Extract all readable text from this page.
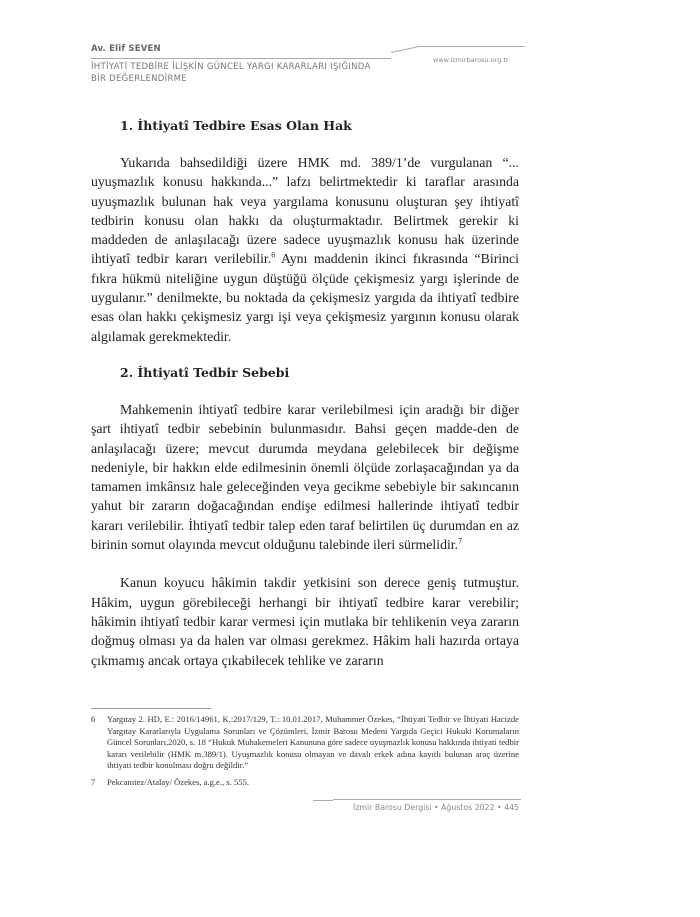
Av. Elif SEVEN
www.izmirbarosu.org.tr
İHTİYATİ TEDBİRE İLİŞKİN GÜNCEL YARGI KARARLARI IŞIĞINDA
BİR DEĞERLENDİRME
1. İhtiyatî Tedbire Esas Olan Hak

Yukarıda bahsedildiği üzere HMK md. 389/1’de vurgulanan “... uyuşmazlık konusu hakkında...” lafzı belirtmektedir ki taraflar arasında uyuşmazlık bulunan hak veya yargılama konusunu oluşturan şey ihtiyatî tedbirin konusu olan hakkı da oluşturmaktadır. Belirtmek gerekir ki maddeden de anlaşılacağı üzere sadece uyuşmazlık konusu hak üzerinde ihtiyatî tedbir kararı verilebilir.$^6$ Aynı maddenin ikinci fıkrasında “Birinci fıkra hükmü niteliğine uygun düştüğü ölçüde çekişmesiz yargı işlerinde de uygulanır.” denilmekte, bu noktada da çekişmesiz yargıda da ihtiyatî tedbire esas olan hakkı çekişmesiz yargı işi veya çekişmesiz yargının konusu olarak algılamak gerekmektedir.

2. İhtiyatî Tedbir Sebebi

Mahkemenin ihtiyatî tedbire karar verilebilmesi için aradığı bir diğer şart ihtiyatî tedbir sebebinin bulunmasıdır. Bahsi geçen madde-den de anlaşılacağı üzere; mevcut durumda meydana gelebilecek bir değişme nedeniyle, bir hakkın elde edilmesinin önemli ölçüde zorlaşacağından ya da tamamen imkânsız hale geleceğinden veya gecikme sebebiyle bir sakıncanın yahut bir zararın doğacağından endişe edilmesi hallerinde ihtiyatî tedbir kararı verilebilir. İhtiyatî tedbir talep eden taraf belirtilen üç durumdan en az birinin somut olayında mevcut olduğunu talebinde ileri sürmelidir.$^7$

Kanun koyucu hâkimin takdir yetkisini son derece geniş tutmuştur. Hâkim, uygun görebileceği herhangi bir ihtiyatî tedbire karar verebilir; hâkimin ihtiyatî tedbir karar vermesi için mutlaka bir tehlikenin veya zararın doğmuş olması ya da halen var olması gerekmez. Hâkim hali hazırda ortaya çıkmamış ancak ortaya çıkabilecek tehlike ve zararın

6	Yargıtay 2. HD, E.: 2016/14961, K.:2017/129, T.: 10.01.2017, Muhammet Özekes, “İhtiyati Tedbir ve İhtiyati Hacizde Yargıtay Kararlarıyla Uygulama Sorunları ve Çözümleri, İzmir Barosu Medeni Yargıda Geçici Hukuki Korumaların Güncel Sorunları,2020, s. 18 “Hukuk Muhakemeleri Kanununa göre sadece uyuşmazlık konusu hakkında ihtiyati tedbir kararı verilebilir (HMK m.389/1). Uyuşmazlık konusu olmayan ve davalı erkek adına kayıtlı bulunan araç üzerine ihtiyati tedbir konulması doğru değildir.”
7	Pekcanıtez/Atalay/ Özekes, a.g.e., s. 555.
İzmir Barosu Dergisi • Ağustos 2022 • 445
